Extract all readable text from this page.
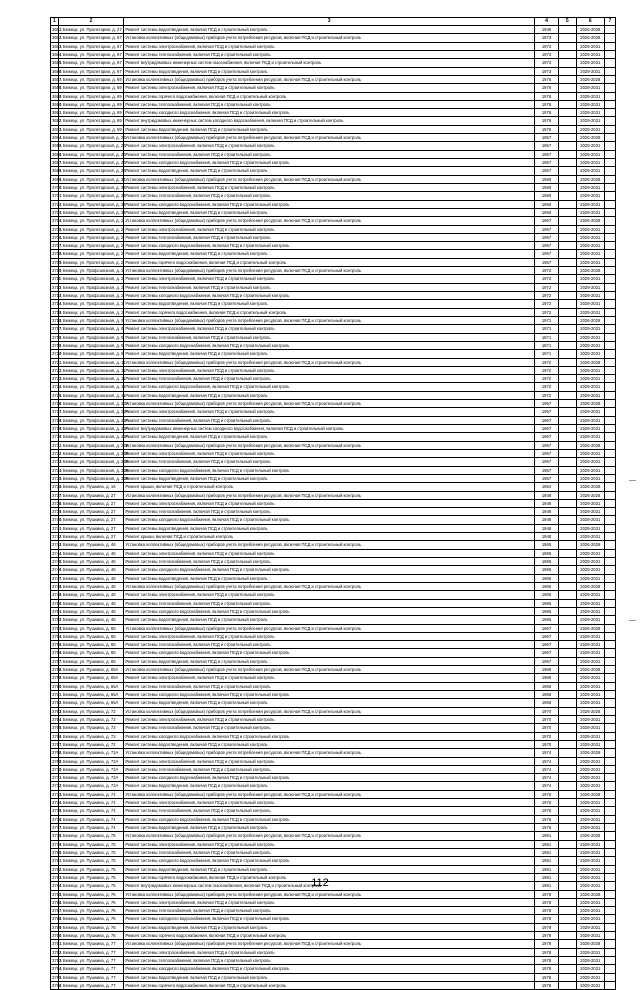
1	2	3	4	5	6	7
3681	г. Бежецк, ул. Пролетарии, д. 27	Ремонт системы водоотведения, включая ПСД и строительный контроль	1949		2026-2028	
3682	г. Бежецк, ул. Пролетарии, д. 67	Установка коллективных (общедомовых) приборов учета потребления ресурсов, включая ПСД и строительный контроль	1973		2026-2028	
3683	г. Бежецк, ул. Пролетарии, д. 67	Ремонт системы электроснабжения, включая ПСД и строительный контроль	1973		2029-2031	
3684	г. Бежецк, ул. Пролетарии, д. 67	Ремонт системы теплоснабжения, включая ПСД и строительный контроль	1973		2029-2031	
3685	г. Бежецк, ул. Пролетарии, д. 67	Ремонт внутридомовых инженерных систем газоснабжения, включая ПСД и строительный контроль	1973		2029-2031	
3686	г. Бежецк, ул. Пролетарии, д. 67	Ремонт системы водоотведения, включая ПСД и строительный контроль	1973		2029-2031	
3687	г. Бежецк, ул. Пролетарии, д. 69	Установка коллективных (общедомовых) приборов учета потребления ресурсов, включая ПСД и строительный контроль	1976		2026-2028	
3688	г. Бежецк, ул. Пролетарии, д. 69	Ремонт системы электроснабжения, включая ПСД и строительный контроль	1976		2029-2031	
3689	г. Бежецк, ул. Пролетарии, д. 69	Ремонт системы горячего водоснабжения, включая ПСД и строительный контроль	1976		2029-2031	
3690	г. Бежецк, ул. Пролетарии, д. 69	Ремонт системы теплоснабжения, включая ПСД и строительный контроль	1976		2029-2031	
3691	г. Бежецк, ул. Пролетарии, д. 69	Ремонт системы холодного водоснабжения, включая ПСД и строительный контроль	1976		2029-2031	
3692	г. Бежецк, ул. Пролетарии, д. 69	Ремонт внутридомовых инженерных систем холодного водоснабжения, включая ПСД и строительный контроль	1976		2029-2031	
3693	г. Бежецк, ул. Пролетарии, д. 69	Ремонт системы водоотведения, включая ПСД и строительный контроль	1976		2029-2031	
3694	г. Бежецк, ул. Пролетарская, д. 26	Установка коллективных (общедомовых) приборов учета потребления ресурсов, включая ПСД и строительный контроль	1957		2026-2028	
3695	г. Бежецк, ул. Пролетарская, д. 26	Ремонт системы электроснабжения, включая ПСД и строительный контроль	1957		2029-2031	
3696	г. Бежецк, ул. Пролетарская, д. 26	Ремонт системы теплоснабжения, включая ПСД и строительный контроль	1957		2029-2031	
3697	г. Бежецк, ул. Пролетарская, д. 26	Ремонт системы холодного водоснабжения, включая ПСД и строительный контроль	1957		2029-2031	
3698	г. Бежецк, ул. Пролетарская, д. 26	Ремонт системы водоотведения, включая ПСД и строительный контроль	1957		2029-2031	
3699	г. Бежецк, ул. Пролетарская, д. 34	Установка коллективных (общедомовых) приборов учета потребления ресурсов, включая ПСД и строительный контроль	1960		2026-2028	
3700	г. Бежецк, ул. Пролетарская, д. 34	Ремонт системы электроснабжения, включая ПСД и строительный контроль	1960		2029-2031	
3701	г. Бежецк, ул. Пролетарская, д. 34	Ремонт системы теплоснабжения, включая ПСД и строительный контроль	1960		2029-2031	
3702	г. Бежецк, ул. Пролетарская, д. 34	Ремонт системы холодного водоснабжения, включая ПСД и строительный контроль	1960		2029-2031	
3703	г. Бежецк, ул. Пролетарская, д. 34	Ремонт системы водоотведения, включая ПСД и строительный контроль	1960		2029-2031	
3704	г. Бежецк, ул. Пролетарская, д. 2	Установка коллективных (общедомовых) приборов учета потребления ресурсов, включая ПСД и строительный контроль	1967		2026-2028	
3705	г. Бежецк, ул. Пролетарская, д. 2	Ремонт системы электроснабжения, включая ПСД и строительный контроль	1967		2029-2031	
3706	г. Бежецк, ул. Пролетарская, д. 2	Ремонт системы теплоснабжения, включая ПСД и строительный контроль	1967		2029-2031	
3707	г. Бежецк, ул. Пролетарская, д. 2	Ремонт системы холодного водоснабжения, включая ПСД и строительный контроль	1967		2029-2031	
3708	г. Бежецк, ул. Пролетарская, д. 2	Ремонт системы водоотведения, включая ПСД и строительный контроль	1967		2029-2031	
3709	г. Бежецк, ул. Пролетарская, д. 2	Ремонт системы горячего водоснабжения, включая ПСД и строительный контроль	1967		2029-2031	
3710	г. Бежецк, ул. Профсоюзная, д. 2	Установка коллективных (общедомовых) приборов учета потребления ресурсов, включая ПСД и строительный контроль	1972		2026-2028	
3711	г. Бежецк, ул. Профсоюзная, д. 2	Ремонт системы электроснабжения, включая ПСД и строительный контроль	1972		2029-2031	
3712	г. Бежецк, ул. Профсоюзная, д. 2	Ремонт системы теплоснабжения, включая ПСД и строительный контроль	1972		2029-2031	
3713	г. Бежецк, ул. Профсоюзная, д. 2	Ремонт системы холодного водоснабжения, включая ПСД и строительный контроль	1972		2029-2031	
3714	г. Бежецк, ул. Профсоюзная, д. 2	Ремонт системы водоотведения, включая ПСД и строительный контроль	1972		2029-2031	
3715	г. Бежецк, ул. Профсоюзная, д. 2	Ремонт системы горячего водоснабжения, включая ПСД и строительный контроль	1972		2029-2031	
3716	г. Бежецк, ул. Профсоюзная, д. 9	Установка коллективных (общедомовых) приборов учета потребления ресурсов, включая ПСД и строительный контроль	1971		2026-2028	
3717	г. Бежецк, ул. Профсоюзная, д. 9	Ремонт системы электроснабжения, включая ПСД и строительный контроль	1971		2029-2031	
3718	г. Бежецк, ул. Профсоюзная, д. 9	Ремонт системы теплоснабжения, включая ПСД и строительный контроль	1971		2029-2031	
3719	г. Бежецк, ул. Профсоюзная, д. 9	Ремонт системы холодного водоснабжения, включая ПСД и строительный контроль	1971		2029-2031	
3720	г. Бежецк, ул. Профсоюзная, д. 9	Ремонт системы водоотведения, включая ПСД и строительный контроль	1971		2029-2031	
3721	г. Бежецк, ул. Профсоюзная, д. 11	Установка коллективных (общедомовых) приборов учета потребления ресурсов, включая ПСД и строительный контроль	1972		2026-2028	
3722	г. Бежецк, ул. Профсоюзная, д. 11	Ремонт системы электроснабжения, включая ПСД и строительный контроль	1972		2029-2031	
3723	г. Бежецк, ул. Профсоюзная, д. 11	Ремонт системы теплоснабжения, включая ПСД и строительный контроль	1972		2029-2031	
3724	г. Бежецк, ул. Профсоюзная, д. 11	Ремонт системы холодного водоснабжения, включая ПСД и строительный контроль	1972		2029-2031	
3725	г. Бежецк, ул. Профсоюзная, д. 11	Ремонт системы водоотведения, включая ПСД и строительный контроль	1972		2029-2031	
3726	г. Бежецк, ул. Профсоюзная, д. 22А	Установка коллективных (общедомовых) приборов учета потребления ресурсов, включая ПСД и строительный контроль	1967		2026-2028	
3727	г. Бежецк, ул. Профсоюзная, д. 22А	Ремонт системы электроснабжения, включая ПСД и строительный контроль	1967		2029-2031	
3728	г. Бежецк, ул. Профсоюзная, д. 22А	Ремонт системы теплоснабжения, включая ПСД и строительный контроль	1967		2029-2031	
3729	г. Бежецк, ул. Профсоюзная, д. 22А	Ремонт внутридомовых инженерных систем холодного водоснабжения, включая ПСД и строительный контроль	1967		2029-2031	
3730	г. Бежецк, ул. Профсоюзная, д. 22А	Ремонт системы водоотведения, включая ПСД и строительный контроль	1967		2029-2031	
3731	г. Бежецк, ул. Профсоюзная, д. 22Б	Установка коллективных (общедомовых) приборов учета потребления ресурсов, включая ПСД и строительный контроль	1967		2026-2028	
3732	г. Бежецк, ул. Профсоюзная, д. 22Б	Ремонт системы электроснабжения, включая ПСД и строительный контроль	1967		2029-2031	
3733	г. Бежецк, ул. Профсоюзная, д. 22Б	Ремонт системы теплоснабжения, включая ПСД и строительный контроль	1967		2029-2031	
3734	г. Бежецк, ул. Профсоюзная, д. 22Б	Ремонт системы холодного водоснабжения, включая ПСД и строительный контроль	1967		2029-2031	
3735	г. Бежецк, ул. Профсоюзная, д. 22Б	Ремонт системы водоотведения, включая ПСД и строительный контроль	1967		2029-2031	
3736	г. Бежецк, ул. Пушкина, д. 16	Ремонт крыши, включая ПСД и строительный контроль	1954		2026-2028	
3737	г. Бежецк, ул. Пушкина, д. 27	Установка коллективных (общедомовых) приборов учета потребления ресурсов, включая ПСД и строительный контроль	1948		2026-2028	
3738	г. Бежецк, ул. Пушкина, д. 27	Ремонт системы электроснабжения, включая ПСД и строительный контроль	1948		2029-2031	
3739	г. Бежецк, ул. Пушкина, д. 27	Ремонт системы теплоснабжения, включая ПСД и строительный контроль	1948		2029-2031	
3740	г. Бежецк, ул. Пушкина, д. 27	Ремонт системы холодного водоснабжения, включая ПСД и строительный контроль	1948		2029-2031	
3741	г. Бежецк, ул. Пушкина, д. 27	Ремонт системы водоотведения, включая ПСД и строительный контроль	1948		2029-2031	
3742	г. Бежецк, ул. Пушкина, д. 27	Ремонт крыши, включая ПСД и строительный контроль	1948		2029-2031	
3743	г. Бежецк, ул. Пушкина, д. 46	Установка коллективных (общедомовых) приборов учета потребления ресурсов, включая ПСД и строительный контроль	1965		2026-2028	
3744	г. Бежецк, ул. Пушкина, д. 46	Ремонт системы электроснабжения, включая ПСД и строительный контроль	1965		2029-2031	
3745	г. Бежецк, ул. Пушкина, д. 46	Ремонт системы теплоснабжения, включая ПСД и строительный контроль	1965		2029-2031	
3746	г. Бежецк, ул. Пушкина, д. 46	Ремонт системы холодного водоснабжения, включая ПСД и строительный контроль	1965		2029-2031	
3747	г. Бежецк, ул. Пушкина, д. 46	Ремонт системы водоотведения, включая ПСД и строительный контроль	1965		2029-2031	
3748	г. Бежецк, ул. Пушкина, д. 48	Установка коллективных (общедомовых) приборов учета потребления ресурсов, включая ПСД и строительный контроль	1965		2026-2028	
3749	г. Бежецк, ул. Пушкина, д. 48	Ремонт системы электроснабжения, включая ПСД и строительный контроль	1965		2029-2031	
3750	г. Бежецк, ул. Пушкина, д. 48	Ремонт системы теплоснабжения, включая ПСД и строительный контроль	1965		2029-2031	
3751	г. Бежецк, ул. Пушкина, д. 48	Ремонт системы холодного водоснабжения, включая ПСД и строительный контроль	1965		2029-2031	
3752	г. Бежецк, ул. Пушкина, д. 48	Ремонт системы водоотведения, включая ПСД и строительный контроль	1965		2029-2031	
3753	г. Бежецк, ул. Пушкина, д. 65	Установка коллективных (общедомовых) приборов учета потребления ресурсов, включая ПСД и строительный контроль	1967		2026-2028	
3754	г. Бежецк, ул. Пушкина, д. 65	Ремонт системы электроснабжения, включая ПСД и строительный контроль	1967		2029-2031	
3755	г. Бежецк, ул. Пушкина, д. 65	Ремонт системы теплоснабжения, включая ПСД и строительный контроль	1967		2029-2031	
3756	г. Бежецк, ул. Пушкина, д. 65	Ремонт системы холодного водоснабжения, включая ПСД и строительный контроль	1967		2029-2031	
3757	г. Бежецк, ул. Пушкина, д. 65	Ремонт системы водоотведения, включая ПСД и строительный контроль	1967		2029-2031	
3758	г. Бежецк, ул. Пушкина, д. 65А	Установка коллективных (общедомовых) приборов учета потребления ресурсов, включая ПСД и строительный контроль	1968		2026-2028	
3759	г. Бежецк, ул. Пушкина, д. 65А	Ремонт системы электроснабжения, включая ПСД и строительный контроль	1968		2029-2031	
3760	г. Бежецк, ул. Пушкина, д. 65А	Ремонт системы теплоснабжения, включая ПСД и строительный контроль	1968		2029-2031	
3761	г. Бежецк, ул. Пушкина, д. 65А	Ремонт системы холодного водоснабжения, включая ПСД и строительный контроль	1968		2029-2031	
3762	г. Бежецк, ул. Пушкина, д. 65А	Ремонт системы водоотведения, включая ПСД и строительный контроль	1968		2029-2031	
3763	г. Бежецк, ул. Пушкина, д. 72	Установка коллективных (общедомовых) приборов учета потребления ресурсов, включая ПСД и строительный контроль	1970		2026-2028	
3764	г. Бежецк, ул. Пушкина, д. 72	Ремонт системы электроснабжения, включая ПСД и строительный контроль	1970		2029-2031	
3765	г. Бежецк, ул. Пушкина, д. 72	Ремонт системы теплоснабжения, включая ПСД и строительный контроль	1970		2029-2031	
3766	г. Бежецк, ул. Пушкина, д. 72	Ремонт системы холодного водоснабжения, включая ПСД и строительный контроль	1970		2029-2031	
3767	г. Бежецк, ул. Пушкина, д. 72	Ремонт системы водоотведения, включая ПСД и строительный контроль	1970		2029-2031	
3768	г. Бежецк, ул. Пушкина, д. 72А	Установка коллективных (общедомовых) приборов учета потребления ресурсов, включая ПСД и строительный контроль	1974		2026-2028	
3769	г. Бежецк, ул. Пушкина, д. 72А	Ремонт системы электроснабжения, включая ПСД и строительный контроль	1974		2029-2031	
3770	г. Бежецк, ул. Пушкина, д. 72А	Ремонт системы теплоснабжения, включая ПСД и строительный контроль	1974		2029-2031	
3771	г. Бежецк, ул. Пушкина, д. 72А	Ремонт системы холодного водоснабжения, включая ПСД и строительный контроль	1974		2029-2031	
3772	г. Бежецк, ул. Пушкина, д. 72А	Ремонт системы водоотведения, включая ПСД и строительный контроль	1974		2029-2031	
3773	г. Бежецк, ул. Пушкина, д. 74	Установка коллективных (общедомовых) приборов учета потребления ресурсов, включая ПСД и строительный контроль	1976		2026-2028	
3774	г. Бежецк, ул. Пушкина, д. 74	Ремонт системы электроснабжения, включая ПСД и строительный контроль	1976		2029-2031	
3775	г. Бежецк, ул. Пушкина, д. 74	Ремонт системы теплоснабжения, включая ПСД и строительный контроль	1976		2029-2031	
3776	г. Бежецк, ул. Пушкина, д. 74	Ремонт системы холодного водоснабжения, включая ПСД и строительный контроль	1976		2029-2031	
3777	г. Бежецк, ул. Пушкина, д. 74	Ремонт системы водоотведения, включая ПСД и строительный контроль	1976		2029-2031	
3778	г. Бежецк, ул. Пушкина, д. 75	Установка коллективных (общедомовых) приборов учета потребления ресурсов, включая ПСД и строительный контроль	1981		2026-2028	
3779	г. Бежецк, ул. Пушкина, д. 75	Ремонт системы электроснабжения, включая ПСД и строительный контроль	1981		2029-2031	
3780	г. Бежецк, ул. Пушкина, д. 75	Ремонт системы теплоснабжения, включая ПСД и строительный контроль	1981		2029-2031	
3781	г. Бежецк, ул. Пушкина, д. 75	Ремонт системы холодного водоснабжения, включая ПСД и строительный контроль	1981		2029-2031	
3782	г. Бежецк, ул. Пушкина, д. 75	Ремонт системы водоотведения, включая ПСД и строительный контроль	1981		2029-2031	
3783	г. Бежецк, ул. Пушкина, д. 75	Ремонт системы горячего водоснабжения, включая ПСД и строительный контроль	1981		2029-2031	
3784	г. Бежецк, ул. Пушкина, д. 75	Ремонт внутридомовых инженерных систем газоснабжения, включая ПСД и строительный контроль	1981		2029-2031	
3785	г. Бежецк, ул. Пушкина, д. 76	Установка коллективных (общедомовых) приборов учета потребления ресурсов, включая ПСД и строительный контроль	1978		2026-2028	
3786	г. Бежецк, ул. Пушкина, д. 76	Ремонт системы электроснабжения, включая ПСД и строительный контроль	1978		2029-2031	
3787	г. Бежецк, ул. Пушкина, д. 76	Ремонт системы теплоснабжения, включая ПСД и строительный контроль	1978		2029-2031	
3788	г. Бежецк, ул. Пушкина, д. 76	Ремонт системы холодного водоснабжения, включая ПСД и строительный контроль	1978		2029-2031	
3789	г. Бежецк, ул. Пушкина, д. 76	Ремонт системы водоотведения, включая ПСД и строительный контроль	1978		2029-2031	
3790	г. Бежецк, ул. Пушкина, д. 76	Ремонт системы горячего водоснабжения, включая ПСД и строительный контроль	1978		2029-2031	
3791	г. Бежецк, ул. Пушкина, д. 77	Установка коллективных (общедомовых) приборов учета потребления ресурсов, включая ПСД и строительный контроль	1978		2026-2028	
3792	г. Бежецк, ул. Пушкина, д. 77	Ремонт системы электроснабжения, включая ПСД и строительный контроль	1978		2029-2031	
3793	г. Бежецк, ул. Пушкина, д. 77	Ремонт системы теплоснабжения, включая ПСД и строительный контроль	1978		2029-2031	
3794	г. Бежецк, ул. Пушкина, д. 77	Ремонт системы холодного водоснабжения, включая ПСД и строительный контроль	1978		2029-2031	
3795	г. Бежецк, ул. Пушкина, д. 77	Ремонт системы водоотведения, включая ПСД и строительный контроль	1978		2029-2031	
3796	г. Бежецк, ул. Пушкина, д. 77	Ремонт системы горячего водоснабжения, включая ПСД и строительный контроль	1978		2029-2031	
112
